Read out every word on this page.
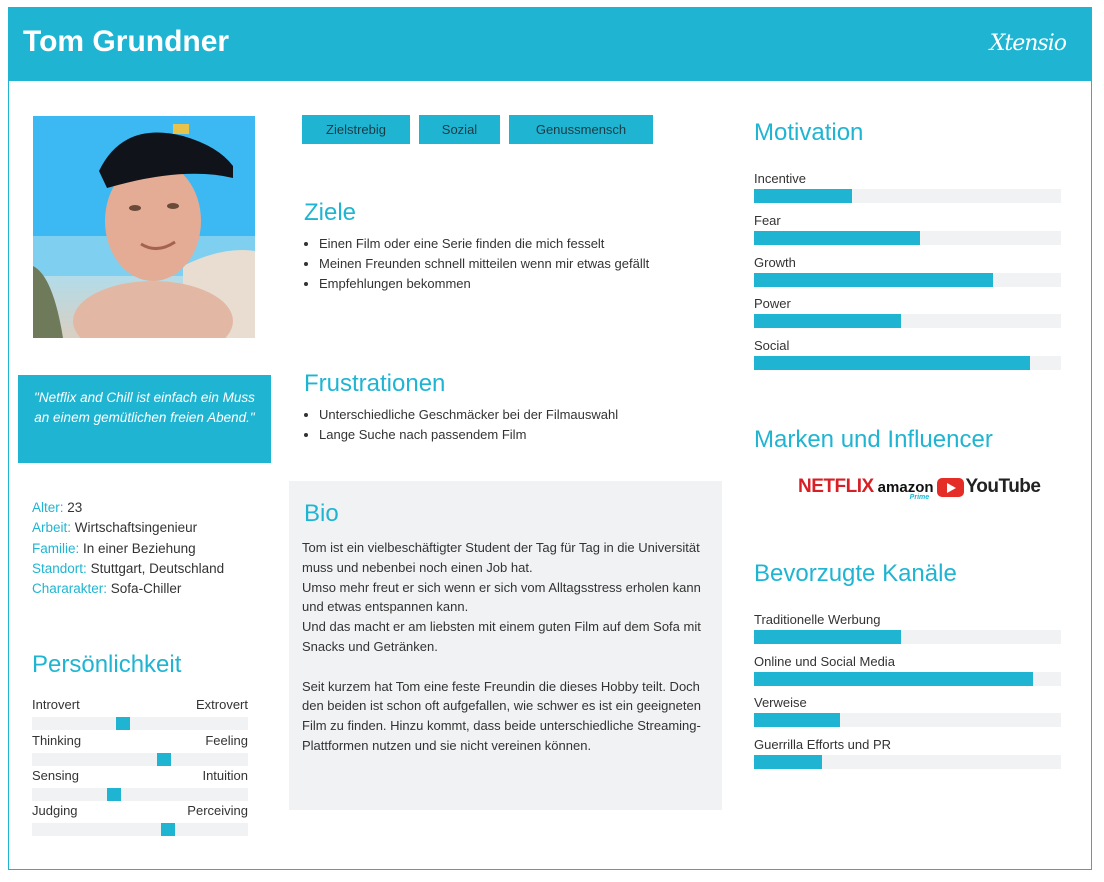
Tom Grundner	Xtensio
"Netflix and Chill ist einfach ein Muss an einem gemütlichen freien Abend."
Alter: 23
Arbeit: Wirtschaftsingenieur
Familie: In einer Beziehung
Standort: Stuttgart, Deutschland
Chararakter: Sofa-Chiller
Persönlichkeit
Introvert	Extrovert
Thinking	Feeling
Sensing	Intuition
Judging	Perceiving
Zielstrebig	Sozial	Genussmensch
Ziele
• Einen Film oder eine Serie finden die mich fesselt
• Meinen Freunden schnell mitteilen wenn mir etwas gefällt
• Empfehlungen bekommen
Frustrationen
• Unterschiedliche Geschmäcker bei der Filmauswahl
• Lange Suche nach passendem Film
Bio
Tom ist ein vielbeschäftigter Student der Tag für Tag in die Universität muss und nebenbei noch einen Job hat.
Umso mehr freut er sich wenn er sich vom Alltagsstress erholen kann und etwas entspannen kann.
Und das macht er am liebsten mit einem guten Film auf dem Sofa mit Snacks und Getränken.
Seit kurzem hat Tom eine feste Freundin die dieses Hobby teilt. Doch den beiden ist schon oft aufgefallen, wie schwer es ist ein geeigneten Film zu finden. Hinzu kommt, dass beide unterschiedliche Streaming-Plattformen nutzen und sie nicht vereinen können.
Motivation
Incentive
Fear
Growth
Power
Social
Marken und Influencer
NETFLIX amazon
Prime YouTube
Bevorzugte Kanäle
Traditionelle Werbung
Online und Social Media
Verweise
Guerrilla Efforts und PR
